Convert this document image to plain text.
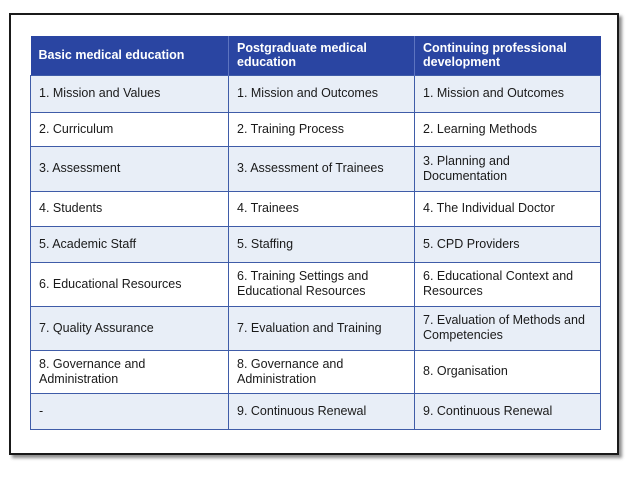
Basic medical education	Postgraduate medical education	Continuing professional development
1. Mission and Values	1. Mission and Outcomes	1. Mission and Outcomes
2. Curriculum	2. Training Process	2. Learning Methods
3. Assessment	3. Assessment of Trainees	3. Planning and Documentation
4. Students	4. Trainees	4. The Individual Doctor
5. Academic Staff	5. Staffing	5. CPD Providers
6. Educational Resources	6. Training Settings and Educational Resources	6. Educational Context and Resources
7. Quality Assurance	7. Evaluation and Training	7. Evaluation of Methods and Competencies
8. Governance and Administration	8. Governance and Administration	8. Organisation
-	9. Continuous Renewal	9. Continuous Renewal
